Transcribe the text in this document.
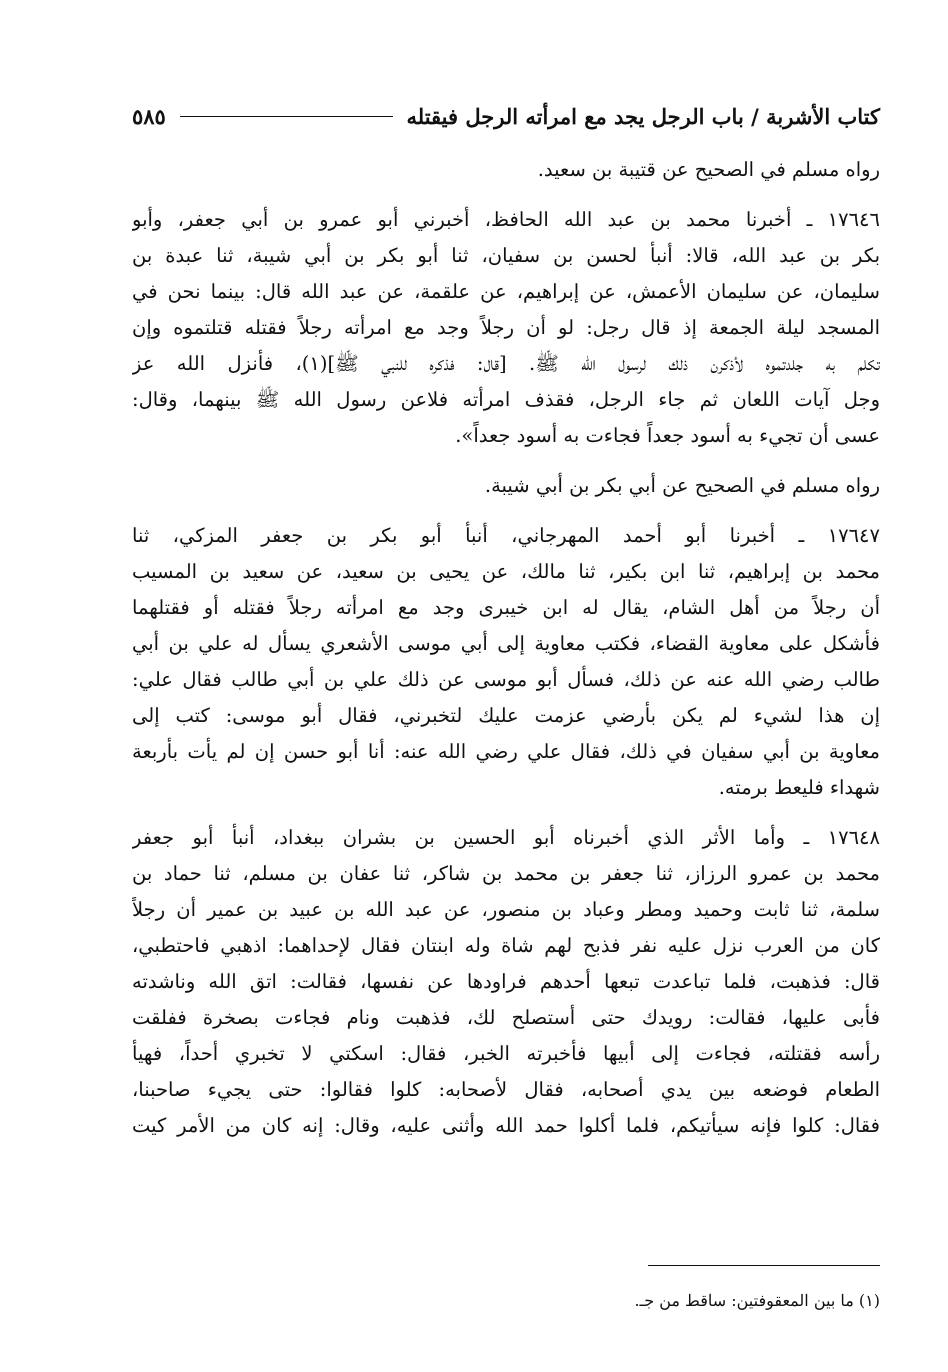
كتاب الأشربة / باب الرجل يجد مع امرأته الرجل فيقتله
٥٨٥
رواه مسلم في الصحيح عن قتيبة بن سعيد.
١٧٦٤٦ ـ أخبرنا محمد بن عبد الله الحافظ، أخبرني أبو عمرو بن أبي جعفر، وأبو
بكر بن عبد الله، قالا: أنبأ لحسن بن سفيان، ثنا أبو بكر بن أبي شيبة، ثنا عبدة بن
سليمان، عن سليمان الأعمش، عن إبراهيم، عن علقمة، عن عبد الله قال: بينما نحن في
المسجد ليلة الجمعة إذ قال رجل: لو أن رجلاً وجد مع امرأته رجلاً فقتله قتلتموه وإن
تكلم به جلدتموه لأذكرن ذلك لرسول الله ﷺ. [قال: فذكره للنبي ﷺ](١)، فأنزل الله عز
وجل آيات اللعان ثم جاء الرجل، فقذف امرأته فلاعن رسول الله ﷺ بينهما، وقال:
عسى أن تجيء به أسود جعداً فجاءت به أسود جعداً».
رواه مسلم في الصحيح عن أبي بكر بن أبي شيبة.
١٧٦٤٧ ـ أخبرنا أبو أحمد المهرجاني، أنبأ أبو بكر بن جعفر المزكي، ثنا
محمد بن إبراهيم، ثنا ابن بكير، ثنا مالك، عن يحيى بن سعيد، عن سعيد بن المسيب
أن رجلاً من أهل الشام، يقال له ابن خيبرى وجد مع امرأته رجلاً فقتله أو فقتلهما
فأشكل على معاوية القضاء، فكتب معاوية إلى أبي موسى الأشعري يسأل له علي بن أبي
طالب رضي الله عنه عن ذلك، فسأل أبو موسى عن ذلك علي بن أبي طالب فقال علي:
إن هذا لشيء لم يكن بأرضي عزمت عليك لتخبرني، فقال أبو موسى: كتب إلى
معاوية بن أبي سفيان في ذلك، فقال علي رضي الله عنه: أنا أبو حسن إن لم يأت بأربعة
شهداء فليعط برمته.
١٧٦٤٨ ـ وأما الأثر الذي أخبرناه أبو الحسين بن بشران ببغداد، أنبأ أبو جعفر
محمد بن عمرو الرزاز، ثنا جعفر بن محمد بن شاكر، ثنا عفان بن مسلم، ثنا حماد بن
سلمة، ثنا ثابت وحميد ومطر وعباد بن منصور، عن عبد الله بن عبيد بن عمير أن رجلاً
كان من العرب نزل عليه نفر فذبح لهم شاة وله ابنتان فقال لإحداهما: اذهبي فاحتطبي،
قال: فذهبت، فلما تباعدت تبعها أحدهم فراودها عن نفسها، فقالت: اتق الله وناشدته
فأبى عليها، فقالت: رويدك حتى أستصلح لك، فذهبت ونام فجاءت بصخرة ففلقت
رأسه فقتلته، فجاءت إلى أبيها فأخبرته الخبر، فقال: اسكتي لا تخبري أحداً، فهيأ
الطعام فوضعه بين يدي أصحابه، فقال لأصحابه: كلوا فقالوا: حتى يجيء صاحبنا،
فقال: كلوا فإنه سيأتيكم، فلما أكلوا حمد الله وأثنى عليه، وقال: إنه كان من الأمر كيت
(١) ما بين المعقوفتين: ساقط من جـ.
